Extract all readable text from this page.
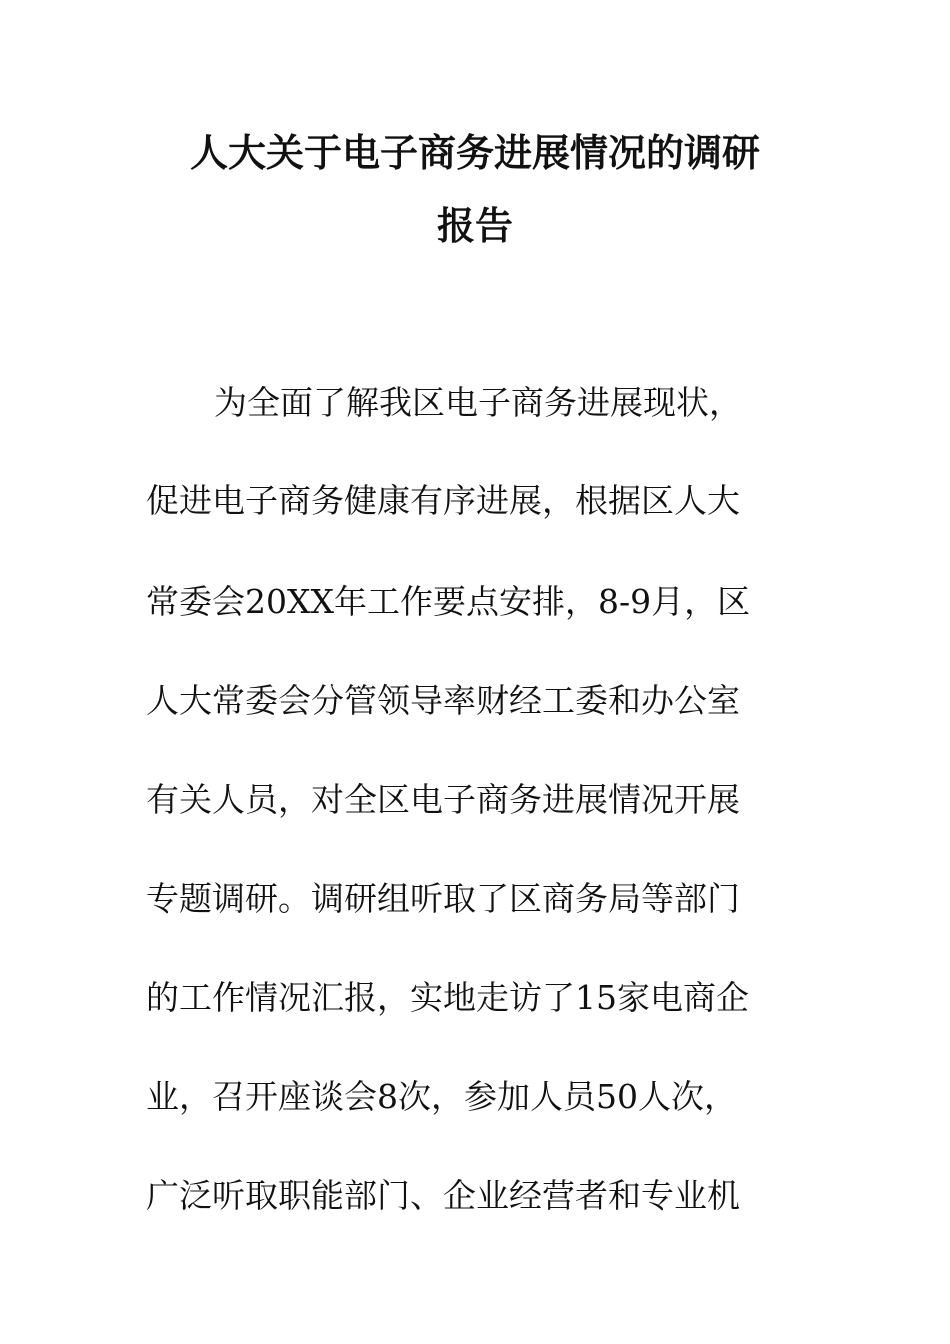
人大关于电子商务进展情况的调研
报告
为全面了解我区电子商务进展现状，
促进电子商务健康有序进展，根据区人大
常委会20XX年工作要点安排，8-9月，区
人大常委会分管领导率财经工委和办公室
有关人员，对全区电子商务进展情况开展
专题调研。调研组听取了区商务局等部门
的工作情况汇报，实地走访了15家电商企
业，召开座谈会8次，参加人员50人次，
广泛听取职能部门、企业经营者和专业机
